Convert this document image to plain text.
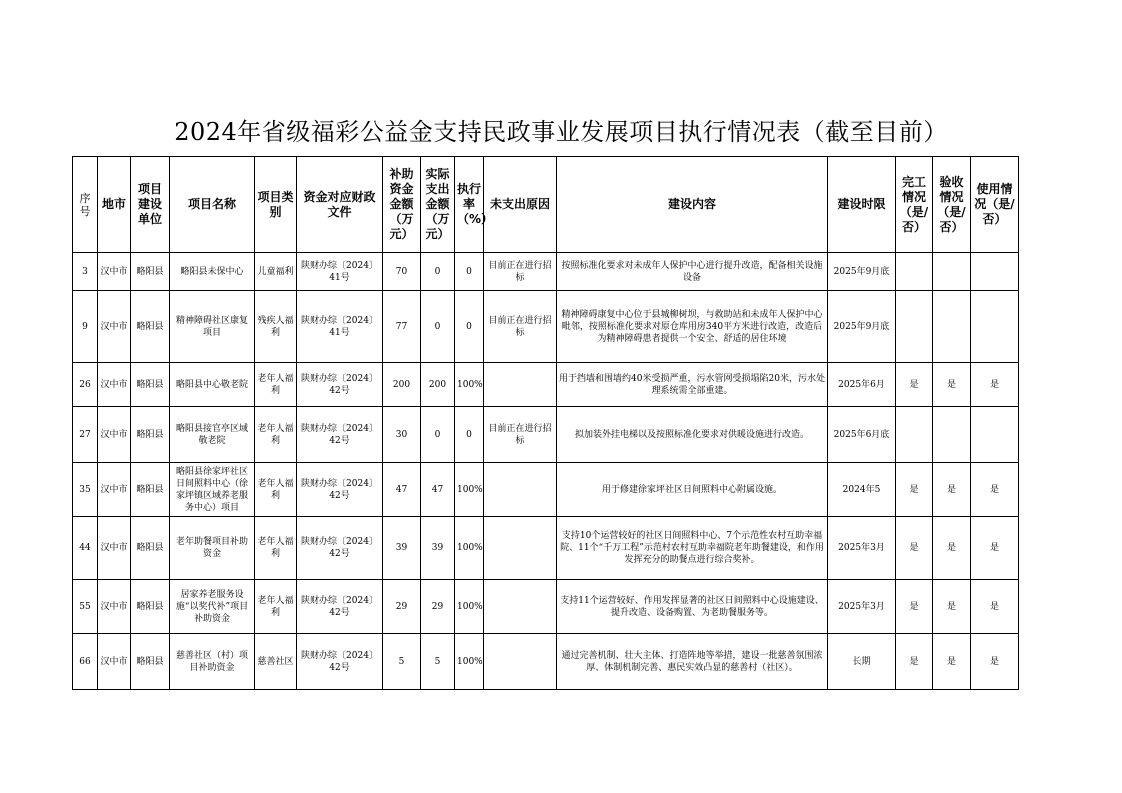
2024年省级福彩公益金支持民政事业发展项目执行情况表（截至目前）
序号	地市	项目建设单位	项目名称	项目类别	资金对应财政文件	补助资金金额（万元）	实际支出金额（万元）	执行率（%）	未支出原因	建设内容	建设时限	完工情况（是/否）	验收情况（是/否）	使用情况（是/否）
3	汉中市	略阳县	略阳县未保中心	儿童福利	陕财办综〔2024〕41号	70	0	0	目前正在进行招标	按照标准化要求对未成年人保护中心进行提升改造，配备相关设施设备	2025年9月底			
9	汉中市	略阳县	精神障碍社区康复项目	残疾人福利	陕财办综〔2024〕41号	77	0	0	目前正在进行招标	精神障碍康复中心位于县城柳树坝，与救助站和未成年人保护中心毗邻，按照标准化要求对原仓库用房340平方米进行改造，改造后为精神障碍患者提供一个安全、舒适的居住环境	2025年9月底			
26	汉中市	略阳县	略阳县中心敬老院	老年人福利	陕财办综〔2024〕42号	200	200	100%		用于挡墙和围墙约40米受损严重，污水管网受损塌陷20米，污水处理系统需全部重建。	2025年6月	是	是	是
27	汉中市	略阳县	略阳县接官亭区域敬老院	老年人福利	陕财办综〔2024〕42号	30	0	0	目前正在进行招标	拟加装外挂电梯以及按照标准化要求对供暖设施进行改造。	2025年6月底			
35	汉中市	略阳县	略阳县徐家坪社区日间照料中心（徐家坪镇区域养老服务中心）项目	老年人福利	陕财办综〔2024〕42号	47	47	100%		用于修建徐家坪社区日间照料中心附属设施。	2024年5	是	是	是
44	汉中市	略阳县	老年助餐项目补助资金	老年人福利	陕财办综〔2024〕42号	39	39	100%		支持10个运营较好的社区日间照料中心、7个示范性农村互助幸福院、11个“千万工程”示范村农村互助幸福院老年助餐建设，和作用发挥充分的助餐点进行综合奖补。	2025年3月	是	是	是
55	汉中市	略阳县	居家养老服务设施“以奖代补”项目补助资金	老年人福利	陕财办综〔2024〕42号	29	29	100%		支持11个运营较好、作用发挥显著的社区日间照料中心设施建设、提升改造、设备购置、为老助餐服务等。	2025年3月	是	是	是
66	汉中市	略阳县	慈善社区（村）项目补助资金	慈善社区	陕财办综〔2024〕42号	5	5	100%		通过完善机制、壮大主体、打造阵地等举措，建设一批慈善氛围浓厚、体制机制完善、惠民实效凸显的慈善村（社区）。	长期	是	是	是
